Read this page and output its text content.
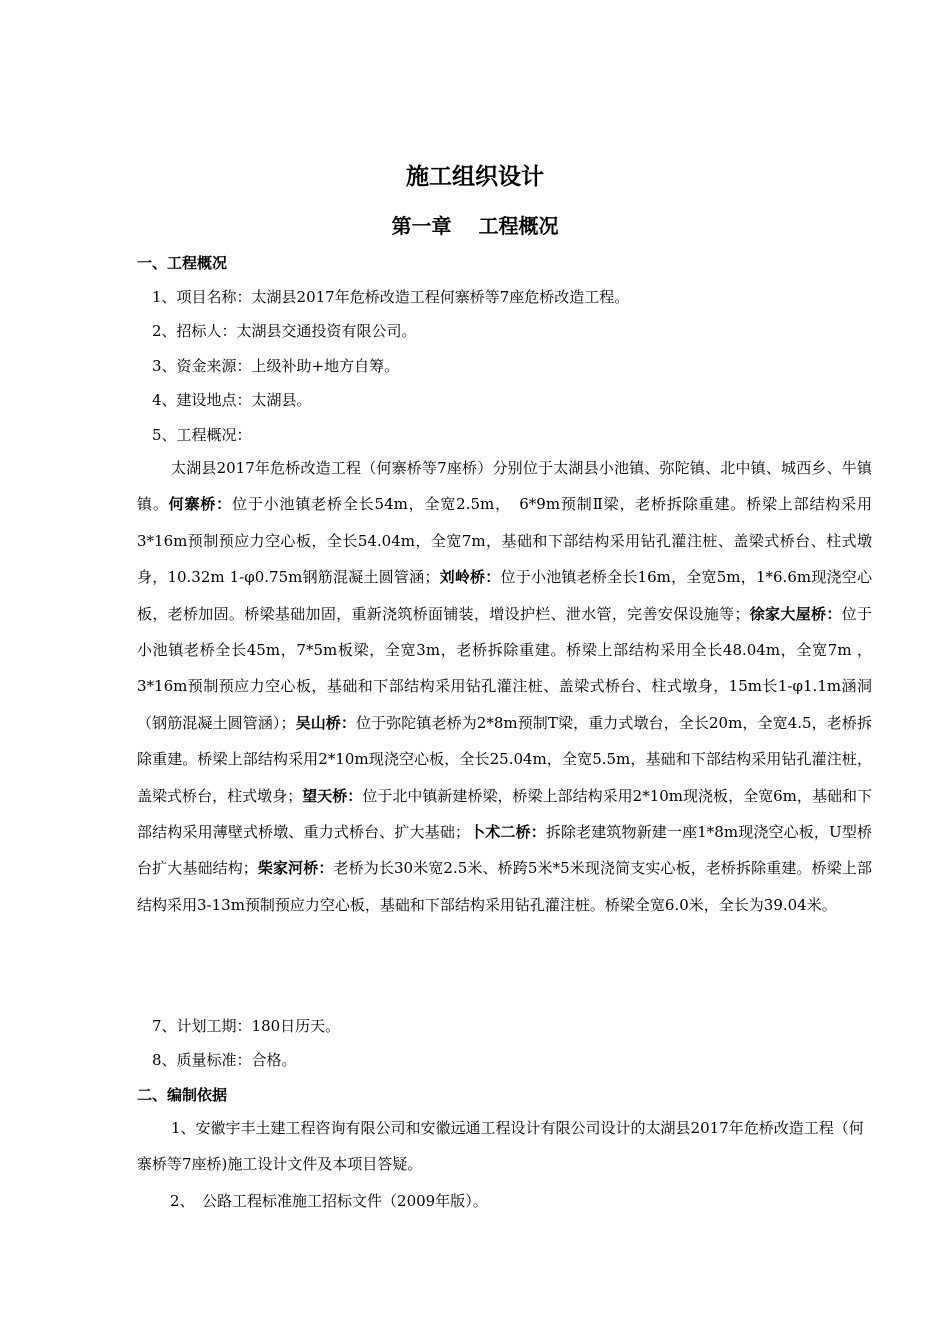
施工组织设计
第一章　 工程概况
一、工程概况
1、项目名称：太湖县2017年危桥改造工程何寨桥等7座危桥改造工程。
2、招标人：太湖县交通投资有限公司。
3、资金来源：上级补助+地方自筹。
4、建设地点：太湖县。
5、工程概况：
太湖县2017年危桥改造工程（何寨桥等7座桥）分别位于太湖县小池镇、弥陀镇、北中镇、城西乡、牛镇镇。何寨桥：位于小池镇老桥全长54m，全宽2.5m，　6*9m预制Ⅱ梁，老桥拆除重建。桥梁上部结构采用3*16m预制预应力空心板，全长54.04m，全宽7m，基础和下部结构采用钻孔灌注桩、盖梁式桥台、柱式墩身，10.32m 1-φ0.75m钢筋混凝土圆管涵；刘岭桥：位于小池镇老桥全长16m，全宽5m，1*6.6m现浇空心板，老桥加固。桥梁基础加固，重新浇筑桥面铺装，增设护栏、泄水管，完善安保设施等；徐家大屋桥：位于小池镇老桥全长45m，7*5m板梁，全宽3m，老桥拆除重建。桥梁上部结构采用全长48.04m，全宽7m ，3*16m预制预应力空心板，基础和下部结构采用钻孔灌注桩、盖梁式桥台、柱式墩身，15m长1-φ1.1m涵洞（钢筋混凝土圆管涵）；吴山桥：位于弥陀镇老桥为2*8m预制T梁，重力式墩台，全长20m，全宽4.5，老桥拆除重建。桥梁上部结构采用2*10m现浇空心板，全长25.04m，全宽5.5m，基础和下部结构采用钻孔灌注桩，盖梁式桥台，柱式墩身；望天桥：位于北中镇新建桥梁，桥梁上部结构采用2*10m现浇板，全宽6m，基础和下部结构采用薄壁式桥墩、重力式桥台、扩大基础；卜术二桥：拆除老建筑物新建一座1*8m现浇空心板，U型桥台扩大基础结构；柴家河桥：老桥为长30米宽2.5米、桥跨5米*5米现浇简支实心板，老桥拆除重建。桥梁上部结构采用3-13m预制预应力空心板，基础和下部结构采用钻孔灌注桩。桥梁全宽6.0米，全长为39.04米。
7、计划工期：180日历天。
8、质量标准：合格。
二、编制依据
1、安徽宇丰土建工程咨询有限公司和安徽远通工程设计有限公司设计的太湖县2017年危桥改造工程（何寨桥等7座桥)施工设计文件及本项目答疑。
2、　公路工程标准施工招标文件（2009年版）。
